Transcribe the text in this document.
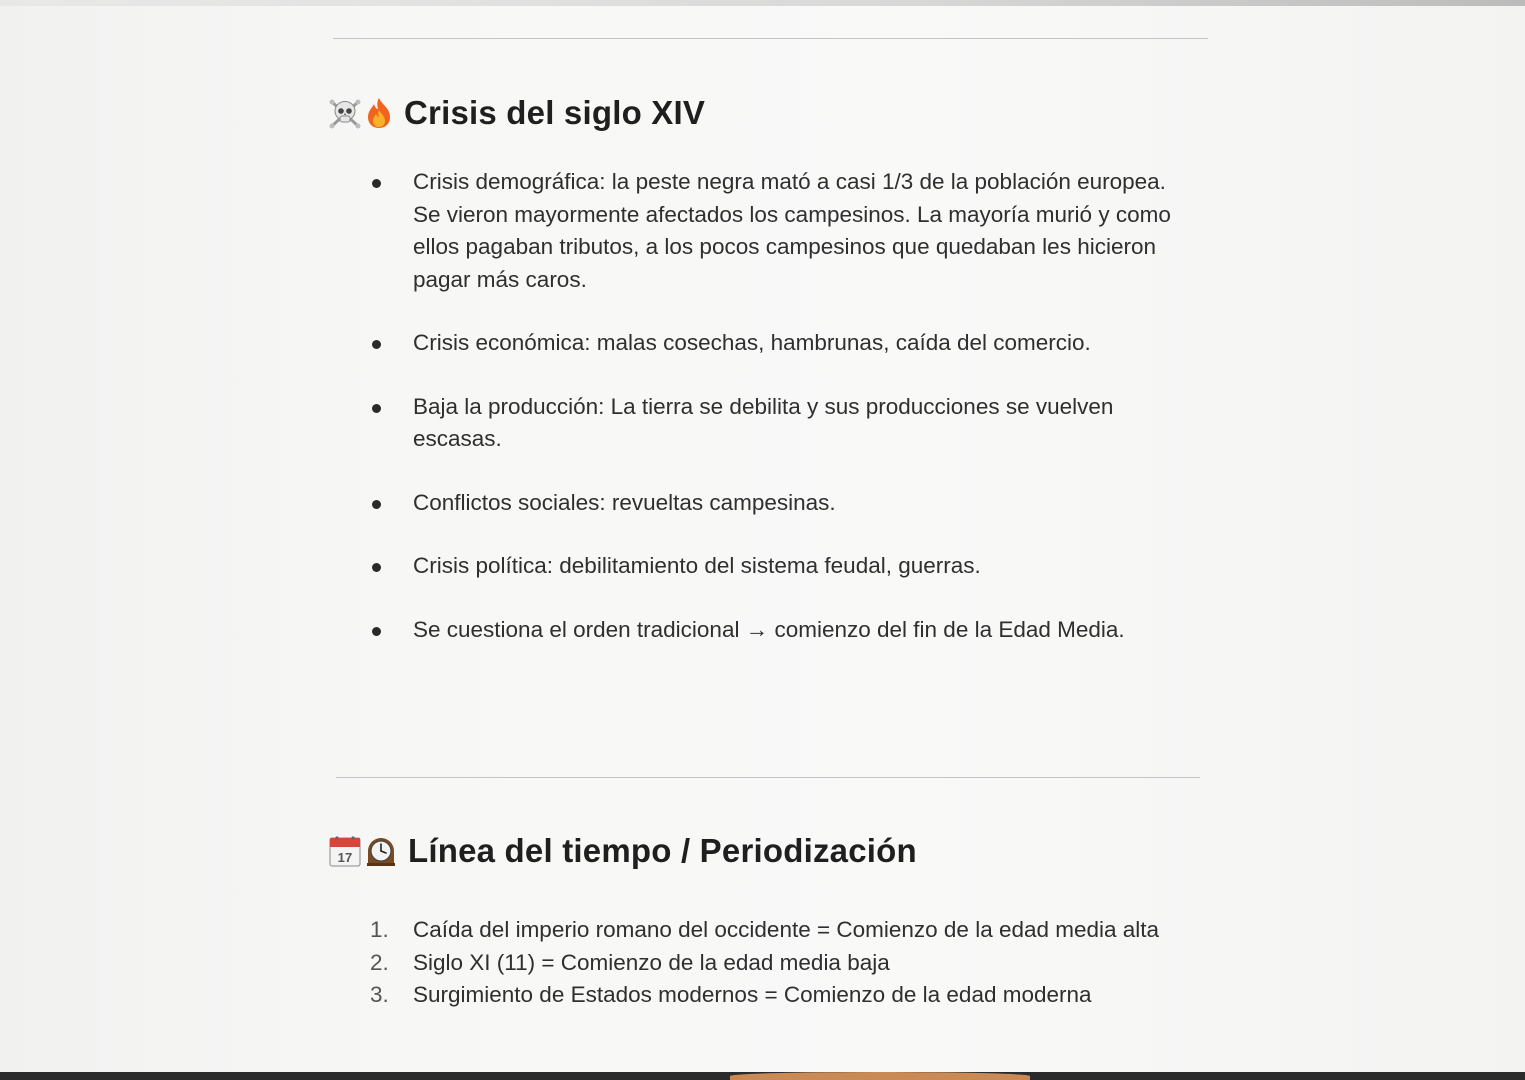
Crisis del siglo XIV
Crisis demográfica: la peste negra mató a casi 1/3 de la población europea. Se vieron mayormente afectados los campesinos. La mayoría murió y como ellos pagaban tributos, a los pocos campesinos que quedaban les hicieron pagar más caros.
Crisis económica: malas cosechas, hambrunas, caída del comercio.
Baja la producción: La tierra se debilita y sus producciones se vuelven escasas.
Conflictos sociales: revueltas campesinas.
Crisis política: debilitamiento del sistema feudal, guerras.
Se cuestiona el orden tradicional → comienzo del fin de la Edad Media.
17 Línea del tiempo / Periodización
1. Caída del imperio romano del occidente = Comienzo de la edad media alta
2. Siglo XI (11) = Comienzo de la edad media baja
3. Surgimiento de Estados modernos = Comienzo de la edad moderna
